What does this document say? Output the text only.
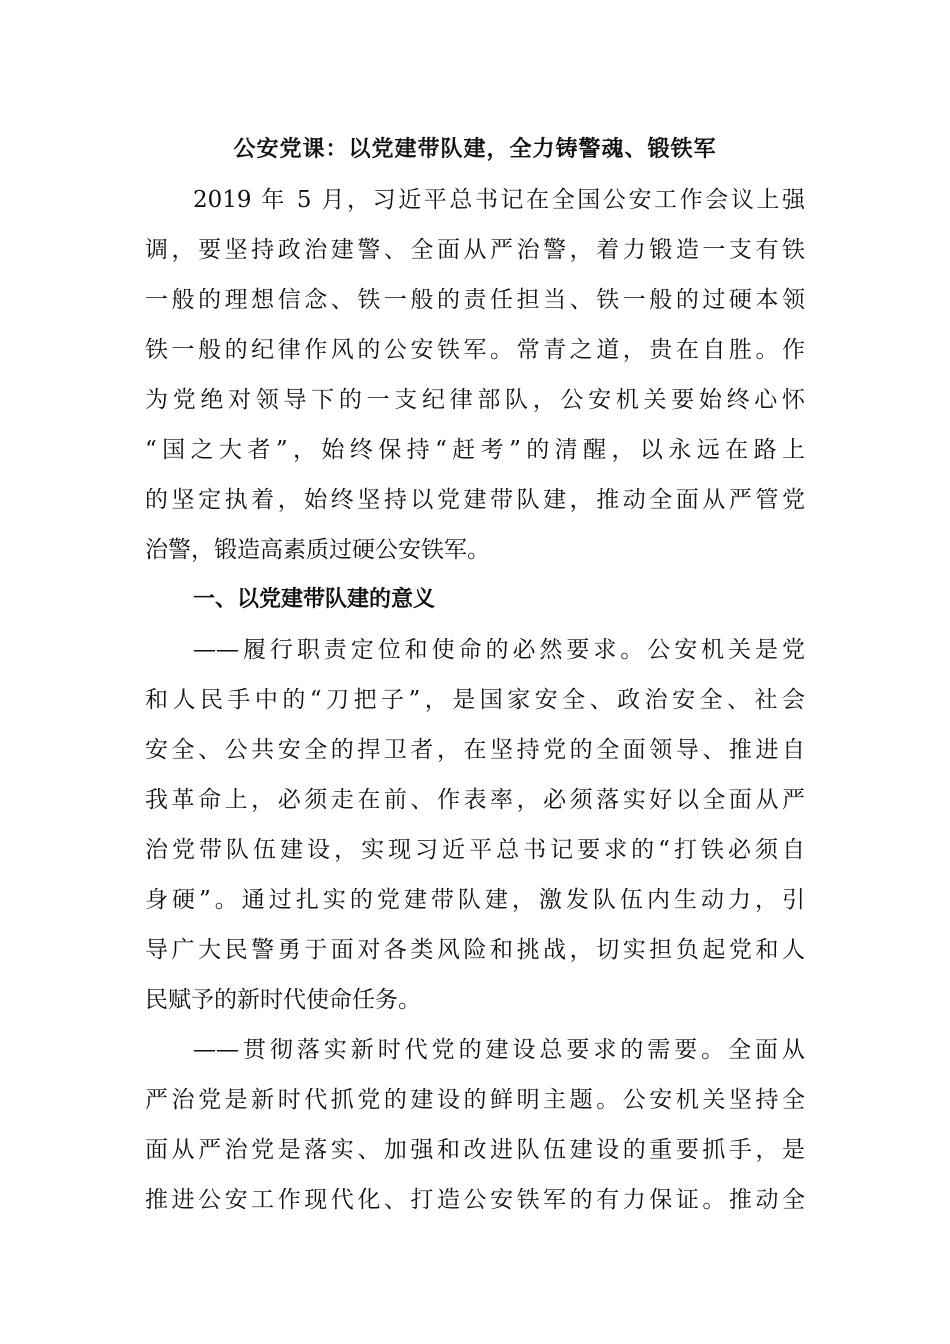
公安党课：以党建带队建，全力铸警魂、锻铁军
2019 年 5 月，习近平总书记在全国公安工作会议上强
调，要坚持政治建警、全面从严治警，着力锻造一支有铁
一般的理想信念、铁一般的责任担当、铁一般的过硬本领
铁一般的纪律作风的公安铁军。常青之道，贵在自胜。作
为党绝对领导下的一支纪律部队，公安机关要始终心怀
“国之大者”，始终保持“赶考”的清醒，以永远在路上
的坚定执着，始终坚持以党建带队建，推动全面从严管党
治警，锻造高素质过硬公安铁军。
一、以党建带队建的意义
——履行职责定位和使命的必然要求。公安机关是党
和人民手中的“刀把子”，是国家安全、政治安全、社会
安全、公共安全的捍卫者，在坚持党的全面领导、推进自
我革命上，必须走在前、作表率，必须落实好以全面从严
治党带队伍建设，实现习近平总书记要求的“打铁必须自
身硬”。通过扎实的党建带队建，激发队伍内生动力，引
导广大民警勇于面对各类风险和挑战，切实担负起党和人
民赋予的新时代使命任务。
——贯彻落实新时代党的建设总要求的需要。全面从
严治党是新时代抓党的建设的鲜明主题。公安机关坚持全
面从严治党是落实、加强和改进队伍建设的重要抓手，是
推进公安工作现代化、打造公安铁军的有力保证。推动全
